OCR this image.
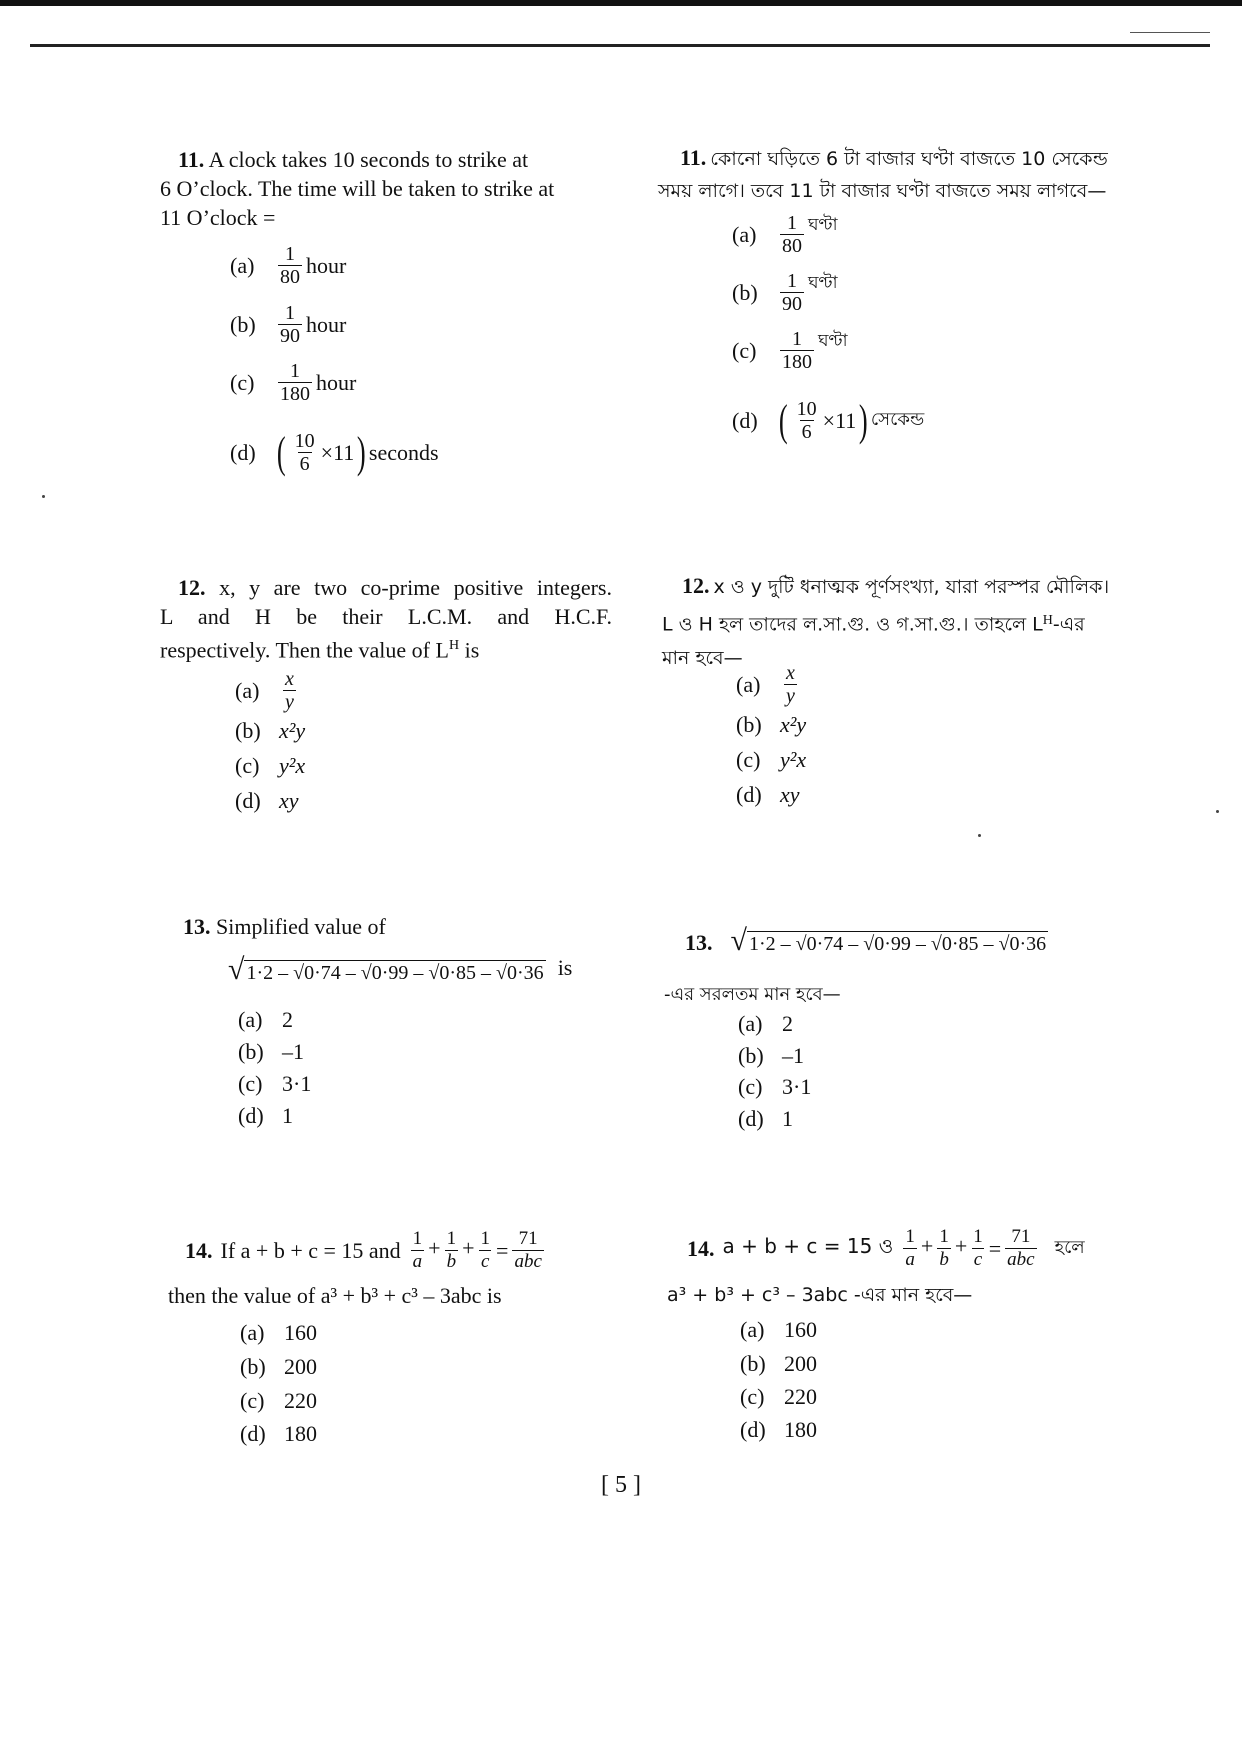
11. A clock takes 10 seconds to strike at
6 O’clock. The time will be taken to strike at
11 O’clock =
(a)	$\frac{1}{80}$ hour
(b)	$\frac{1}{90}$ hour
(c)	$\frac{1}{180}$ hour
(d) ( $\frac{10}{6} \times 11$ ) seconds
12. x, y are two co-prime positive integers.
L and H be their L.C.M. and H.C.F.
respectively. Then the value of $L^H$ is
(a)	$\frac{x}{y}$
(b) x²y
(c) y²x
(d) xy
13. Simplified value of
√ 1·2 – √0·74 – √0·99 – √0·85 – √0·36 is
(a) 2
(b) –1
(c) 3·1
(d) 1
14. If a + b + c = 15 and $\frac{1}{a} + \frac{1}{b} + \frac{1}{c} = \frac{71}{\text{abc}}$
then the value of a³ + b³ + c³ – 3abc is
(a) 160
(b) 200
(c) 220
(d) 180
11. কোনো ঘড়িতে 6 টা বাজার ঘণ্টা বাজতে 10 সেকেন্ড
সময় লাগে। তবে 11 টা বাজার ঘণ্টা বাজতে সময় লাগবে—
(a)	$\frac{1}{80}$ ঘণ্টা
(b)	$\frac{1}{90}$ ঘণ্টা
(c)	$\frac{1}{180}$ ঘণ্টা
(d) ( $\frac{10}{6} \times 11$ ) সেকেন্ড
12. x ও y দুটি ধনাত্মক পূর্ণসংখ্যা, যারা পরস্পর মৌলিক।
L ও H হল তাদের ল.সা.গু. ও গ.সা.গু.। তাহলে $L^H-এর$
মান হবে—
(a)	$\frac{x}{y}$
(b) x²y
(c) y²x
(d) xy
13. √ 1·2 – √0·74 – √0·99 – √0·85 – √0·36
-এর সরলতম মান হবে—
(a) 2
(b) –1
(c) 3·1
(d) 1
14. a + b + c = 15 ও $\frac{1}{a} + \frac{1}{b} + \frac{1}{c} = \frac{71}{\text{abc}}$ হলে
a³ + b³ + c³ – 3abc -এর মান হবে—
(a) 160
(b) 200
(c) 220
(d) 180
[ 5 ]
